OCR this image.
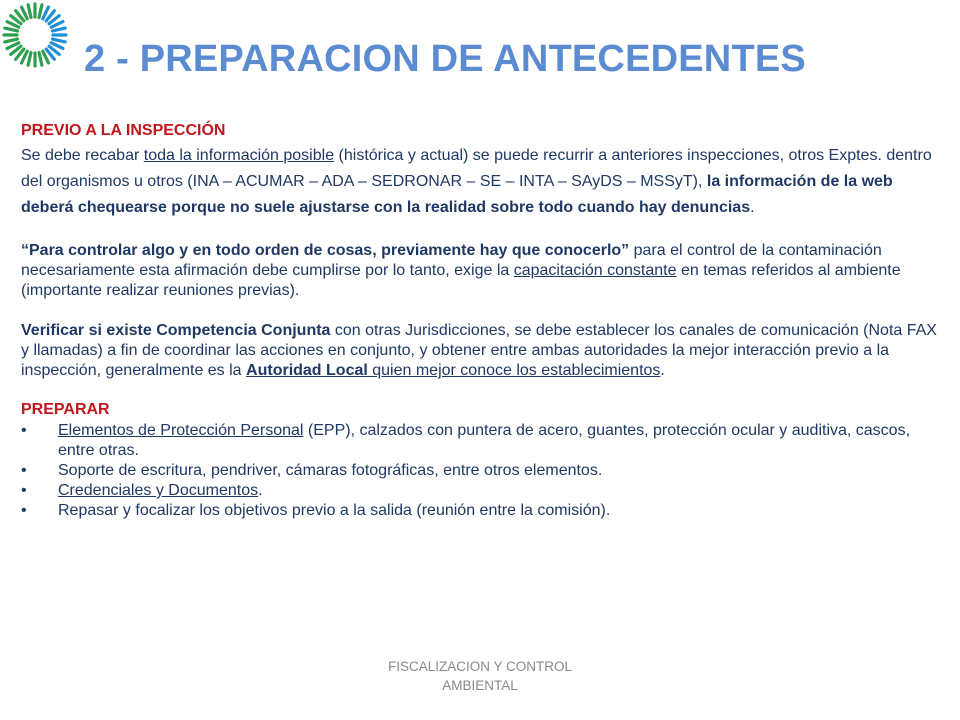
2 - PREPARACION DE ANTECEDENTES

PREVIO A LA INSPECCIÓN

Se debe recabar toda la información posible (histórica y actual) se puede recurrir a anteriores inspecciones, otros Exptes. dentro del organismos u otros (INA – ACUMAR – ADA – SEDRONAR – SE – INTA – SAyDS – MSSyT), la información de la web deberá chequearse porque no suele ajustarse con la realidad sobre todo cuando hay denuncias.

“Para controlar algo y en todo orden de cosas, previamente hay que conocerlo” para el control de la contaminación necesariamente esta afirmación debe cumplirse por lo tanto, exige la capacitación constante en temas referidos al ambiente (importante realizar reuniones previas).

Verificar si existe Competencia Conjunta con otras Jurisdicciones, se debe establecer los canales de comunicación (Nota FAX y llamadas) a fin de coordinar las acciones en conjunto, y obtener entre ambas autoridades la mejor interacción previo a la inspección, generalmente es la Autoridad Local quien mejor conoce los establecimientos.

PREPARAR

•	Elementos de Protección Personal (EPP), calzados con puntera de acero, guantes, protección ocular y auditiva, cascos, entre otras.
•	Soporte de escritura, pendriver, cámaras fotográficas, entre otros elementos.
•	Credenciales y Documentos.
•	Repasar y focalizar los objetivos previo a la salida (reunión entre la comisión).
FISCALIZACION Y CONTROL AMBIENTAL
